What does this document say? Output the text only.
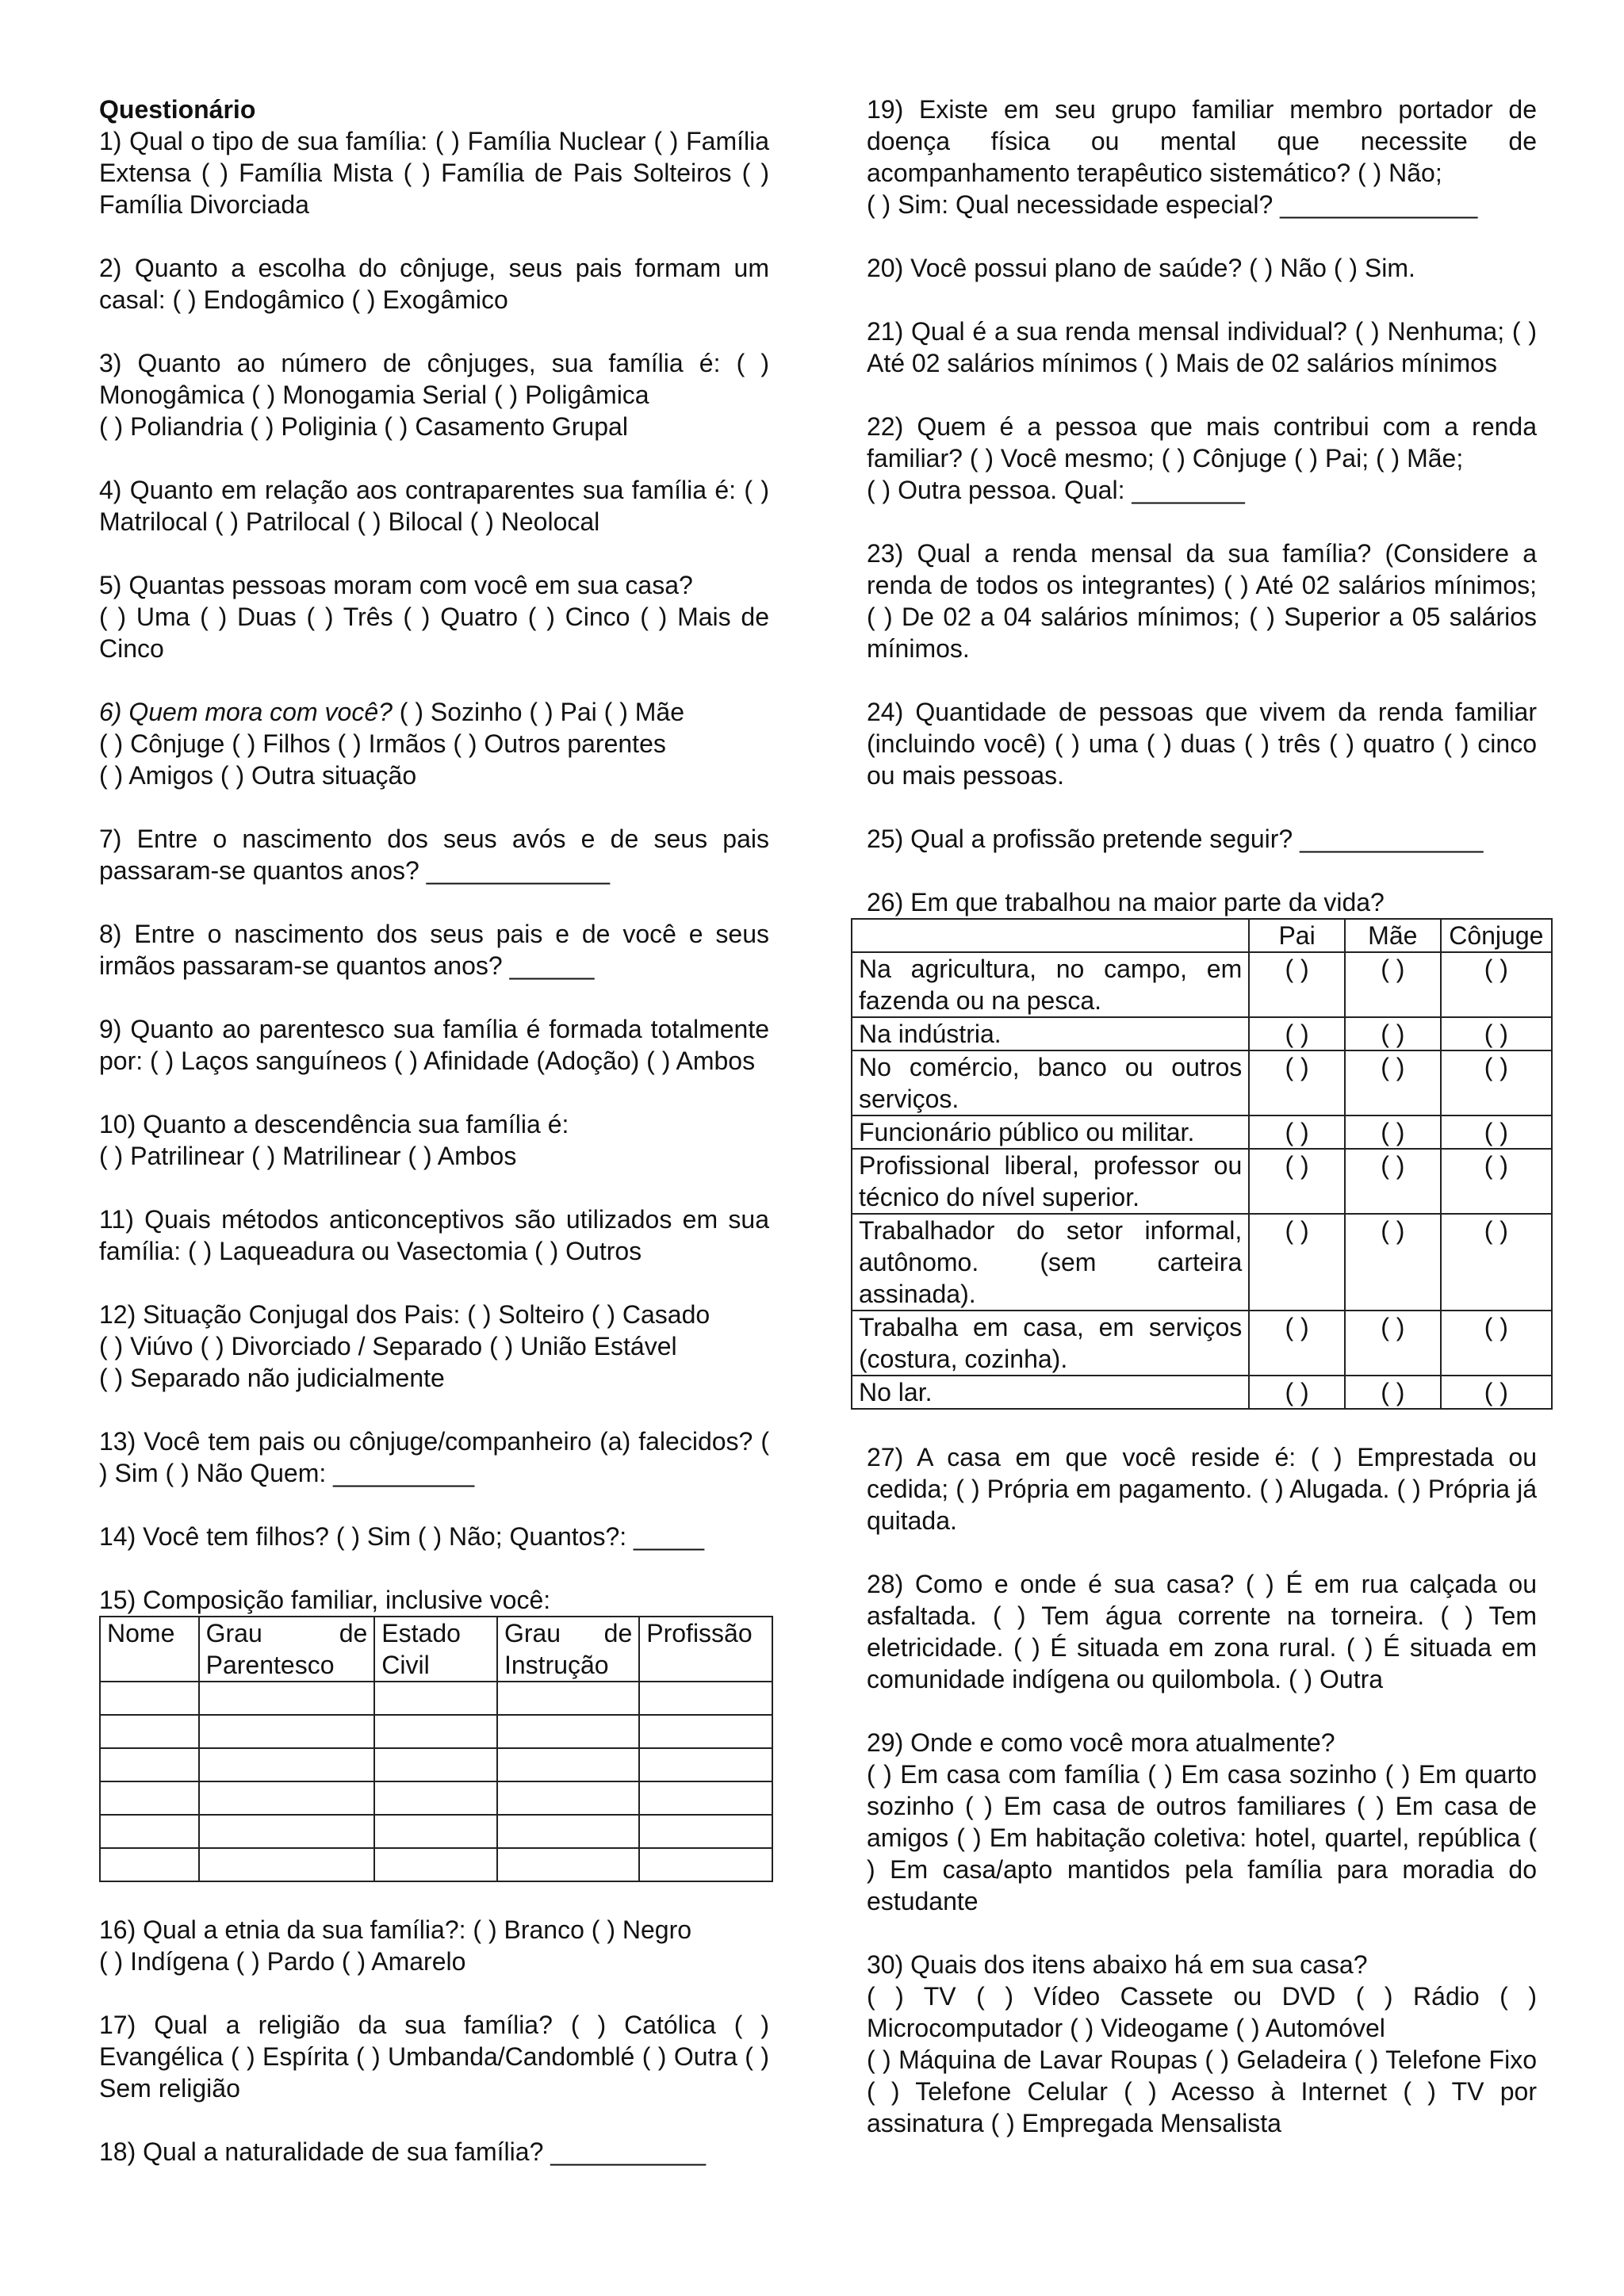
Questionário

1) Qual o tipo de sua família: ( ) Família Nuclear ( ) Família Extensa ( ) Família Mista ( ) Família de Pais Solteiros ( ) Família Divorciada

2) Quanto a escolha do cônjuge, seus pais formam um casal: ( ) Endogâmico ( ) Exogâmico

3) Quanto ao número de cônjuges, sua família é: ( ) Monogâmica ( ) Monogamia Serial ( ) Poligâmica

( ) Poliandria ( ) Poliginia ( ) Casamento Grupal

4) Quanto em relação aos contraparentes sua família é: ( ) Matrilocal ( ) Patrilocal ( ) Bilocal ( ) Neolocal

5) Quantas pessoas moram com você em sua casa?

( ) Uma ( ) Duas ( ) Três ( ) Quatro ( ) Cinco ( ) Mais de Cinco

6) Quem mora com você? ( ) Sozinho ( ) Pai ( ) Mãe

( ) Cônjuge ( ) Filhos ( ) Irmãos ( ) Outros parentes

( ) Amigos ( ) Outra situação

7) Entre o nascimento dos seus avós e de seus pais passaram-se quantos anos? _____________

8) Entre o nascimento dos seus pais e de você e seus irmãos passaram-se quantos anos? ______

9) Quanto ao parentesco sua família é formada totalmente por: ( ) Laços sanguíneos ( ) Afinidade (Adoção) ( ) Ambos

10) Quanto a descendência sua família é:

( ) Patrilinear ( ) Matrilinear ( ) Ambos

11) Quais métodos anticonceptivos são utilizados em sua família: ( ) Laqueadura ou Vasectomia ( ) Outros

12) Situação Conjugal dos Pais: ( ) Solteiro ( ) Casado

( ) Viúvo ( ) Divorciado / Separado ( ) União Estável

( ) Separado não judicialmente

13) Você tem pais ou cônjuge/companheiro (a) falecidos? ( ) Sim ( ) Não Quem: __________

14) Você tem filhos? ( ) Sim ( ) Não; Quantos?: _____

15) Composição familiar, inclusive você:

Nome	Grau de Parentesco	Estado Civil	Grau de Instrução	Profissão

16) Qual a etnia da sua família?: ( ) Branco ( ) Negro

( ) Indígena ( ) Pardo ( ) Amarelo

17) Qual a religião da sua família? ( ) Católica ( ) Evangélica ( ) Espírita ( ) Umbanda/Candomblé ( ) Outra ( ) Sem religião

18) Qual a naturalidade de sua família? ___________

19) Existe em seu grupo familiar membro portador de doença física ou mental que necessite de acompanhamento terapêutico sistemático? ( ) Não;

( ) Sim: Qual necessidade especial? ______________

20) Você possui plano de saúde? ( ) Não ( ) Sim.

21) Qual é a sua renda mensal individual? ( ) Nenhuma; ( ) Até 02 salários mínimos ( ) Mais de 02 salários mínimos

22) Quem é a pessoa que mais contribui com a renda familiar? ( ) Você mesmo; ( ) Cônjuge ( ) Pai; ( ) Mãe;

( ) Outra pessoa. Qual: ________

23) Qual a renda mensal da sua família? (Considere a renda de todos os integrantes) ( ) Até 02 salários mínimos; ( ) De 02 a 04 salários mínimos; ( ) Superior a 05 salários mínimos.

24) Quantidade de pessoas que vivem da renda familiar (incluindo você) ( ) uma ( ) duas ( ) três ( ) quatro ( ) cinco ou mais pessoas.

25) Qual a profissão pretende seguir? _____________

26) Em que trabalhou na maior parte da vida?

	Pai	Mãe	Cônjuge
Na agricultura, no campo, em fazenda ou na pesca.	( )	( )	( )
Na indústria.	( )	( )	( )
No comércio, banco ou outros serviços.	( )	( )	( )
Funcionário público ou militar.	( )	( )	( )
Profissional liberal, professor ou técnico do nível superior.	( )	( )	( )
Trabalhador do setor informal, autônomo. (sem carteira assinada).	( )	( )	( )
Trabalha em casa, em serviços (costura, cozinha).	( )	( )	( )
No lar.	( )	( )	( )

27) A casa em que você reside é: ( ) Emprestada ou cedida; ( ) Própria em pagamento. ( ) Alugada. ( ) Própria já quitada.

28) Como e onde é sua casa? ( ) É em rua calçada ou asfaltada. ( ) Tem água corrente na torneira. ( ) Tem eletricidade. ( ) É situada em zona rural. ( ) É situada em comunidade indígena ou quilombola. ( ) Outra

29) Onde e como você mora atualmente?

( ) Em casa com família ( ) Em casa sozinho ( ) Em quarto sozinho ( ) Em casa de outros familiares ( ) Em casa de amigos ( ) Em habitação coletiva: hotel, quartel, república ( ) Em casa/apto mantidos pela família para moradia do estudante

30) Quais dos itens abaixo há em sua casa?

( ) TV ( ) Vídeo Cassete ou DVD ( ) Rádio ( ) Microcomputador ( ) Videogame ( ) Automóvel

( ) Máquina de Lavar Roupas ( ) Geladeira ( ) Telefone Fixo ( ) Telefone Celular ( ) Acesso à Internet ( ) TV por assinatura ( ) Empregada Mensalista
